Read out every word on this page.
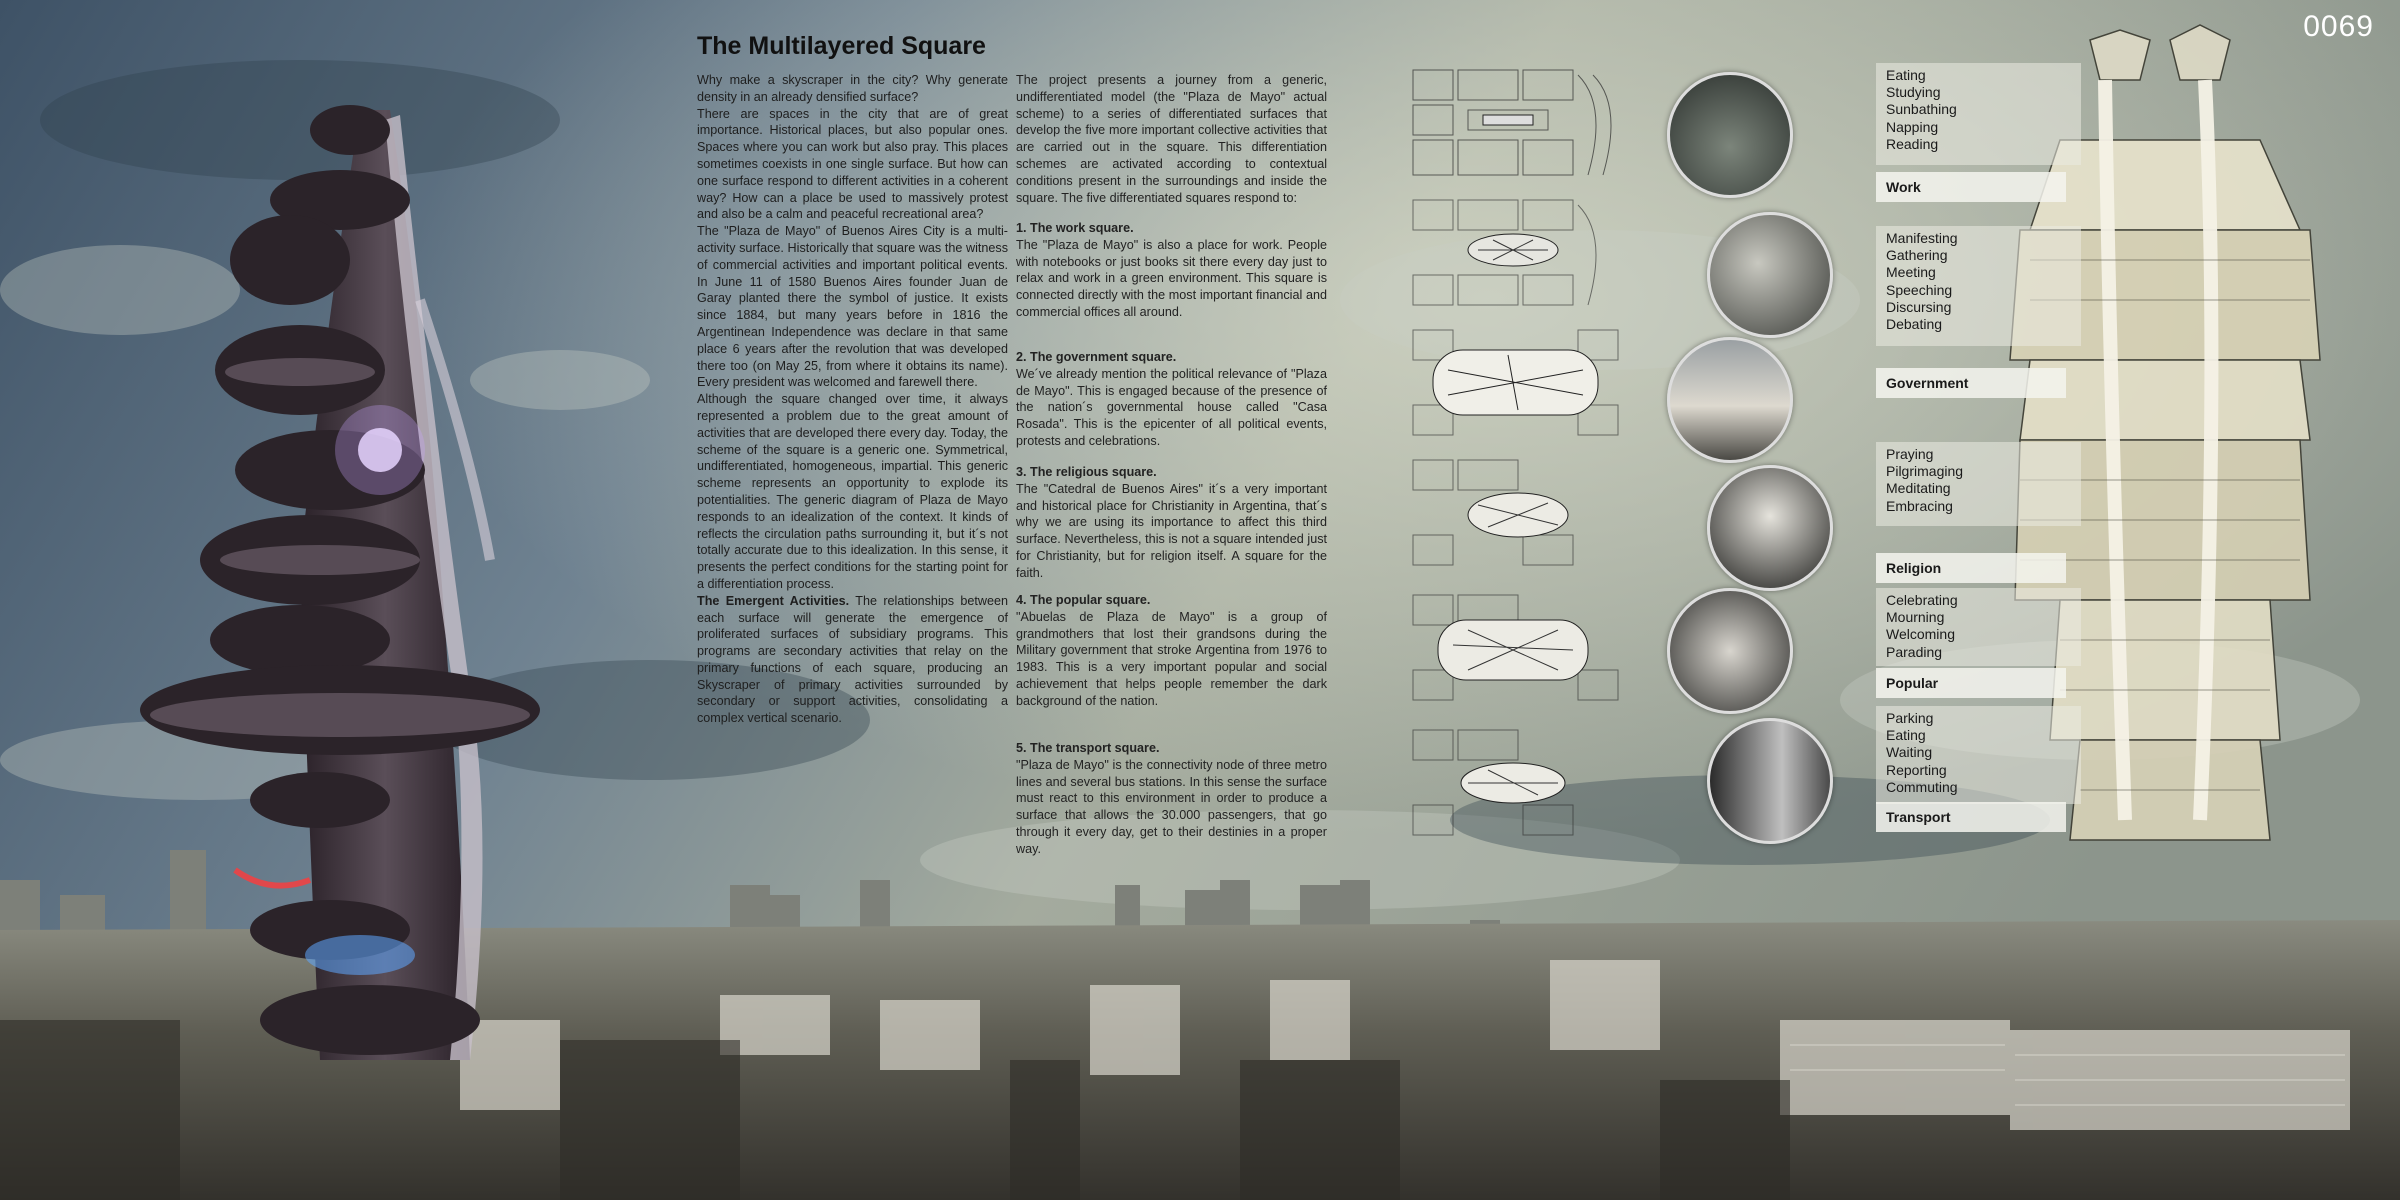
0069
The Multilayered Square

Why make a skyscraper in the city? Why generate density in an already densified surface?

There are spaces in the city that are of great importance. Historical places, but also popular ones. Spaces where you can work but also pray. This places sometimes coexists in one single surface. But how can one surface respond to different activities in a coherent way? How can a place be used to massively protest and also be a calm and peaceful recreational area?

The "Plaza de Mayo" of Buenos Aires City is a multi-activity surface. Historically that square was the witness of commercial activities and important political events. In June 11 of 1580 Buenos Aires founder Juan de Garay planted there the symbol of justice. It exists since 1884, but many years before in 1816 the Argentinean Independence was declare in that same place 6 years after the revolution that was developed there too (on May 25, from where it obtains its name). Every president was welcomed and farewell there.

Although the square changed over time, it always represented a problem due to the great amount of activities that are developed there every day. Today, the scheme of the square is a generic one. Symmetrical, undifferentiated, homogeneous, impartial. This generic scheme represents an opportunity to explode its potentialities. The generic diagram of Plaza de Mayo responds to an idealization of the context. It kinds of reflects the circulation paths surrounding it, but it´s not totally accurate due to this idealization. In this sense, it presents the perfect conditions for the starting point for a differentiation process.

The Emergent Activities. The relationships between each surface will generate the emergence of proliferated surfaces of subsidiary programs. This programs are secondary activities that relay on the primary functions of each square, producing an Skyscraper of primary activities surrounded by secondary or support activities, consolidating a complex vertical scenario.

The project presents a journey from a generic, undifferentiated model (the "Plaza de Mayo" actual scheme) to a series of differentiated surfaces that develop the five more important collective activities that are carried out in the square. This differentiation schemes are activated according to contextual conditions present in the surroundings and inside the square. The five differentiated squares respond to:

1. The work square.

The "Plaza de Mayo" is also a place for work. People with notebooks or just books sit there every day just to relax and work in a green environment. This square is connected directly with the most important financial and commercial offices all around.

2. The government square.

We´ve already mention the political relevance of "Plaza de Mayo". This is engaged because of the presence of the nation´s governmental house called "Casa Rosada". This is the epicenter of all political events, protests and celebrations.

3. The religious square.

The "Catedral de Buenos Aires" it´s a very important and historical place for Christianity in Argentina, that´s why we are using its importance to affect this third surface. Nevertheless, this is not a square intended just for Christianity, but for religion itself. A square for the faith.

4. The popular square.

"Abuelas de Plaza de Mayo" is a group of grandmothers that lost their grandsons during the Military government that stroke Argentina from 1976 to 1983. This is a very important popular and social achievement that helps people remember the dark background of the nation.

5. The transport square.

"Plaza de Mayo" is the connectivity node of three metro lines and several bus stations. In this sense the surface must react to this environment in order to produce a surface that allows the 30.000 passengers, that go through it every day, get to their destinies in a proper way.

Eating
Studying
Sunbathing
Napping
Reading
Work
Manifesting
Gathering
Meeting
Speeching
Discursing
Debating
Government
Praying
Pilgrimaging
Meditating
Embracing
Religion
Celebrating
Mourning
Welcoming
Parading
Popular
Parking
Eating
Waiting
Reporting
Commuting
Transport
